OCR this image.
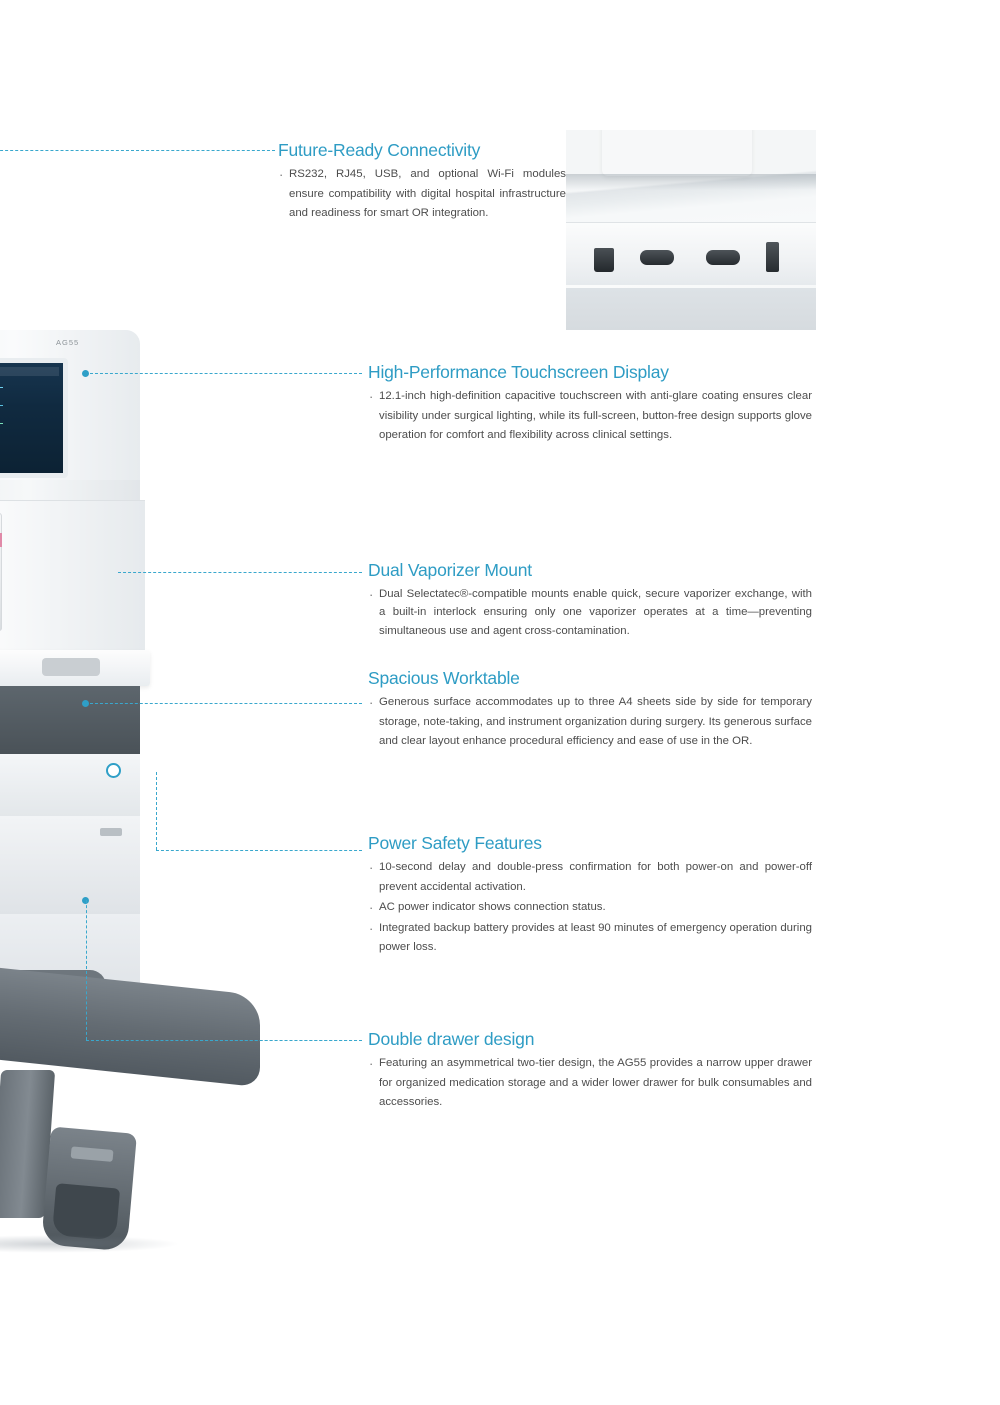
AG55
Future-Ready Connectivity
· RS232, RJ45, USB, and optional Wi-Fi modules ensure compatibility with digital hospital infrastructure and readiness for smart OR integration.
High-Performance Touchscreen Display
· 12.1-inch high-definition capacitive touchscreen with anti-glare coating ensures clear visibility under surgical lighting, while its full-screen, button-free design supports glove operation for comfort and flexibility across clinical settings.
Dual Vaporizer Mount
· Dual Selectatec®-compatible mounts enable quick, secure vaporizer exchange, with a built-in interlock ensuring only one vaporizer operates at a time—preventing simultaneous use and agent cross-contamination.
Spacious Worktable
· Generous surface accommodates up to three A4 sheets side by side for temporary storage, note-taking, and instrument organization during surgery. Its generous surface and clear layout enhance procedural efficiency and ease of use in the OR.
Power Safety Features
· 10-second delay and double-press confirmation for both power-on and power-off prevent accidental activation.
· AC power indicator shows connection status.
· Integrated backup battery provides at least 90 minutes of emergency operation during power loss.
Double drawer design
· Featuring an asymmetrical two-tier design, the AG55 provides a narrow upper drawer for organized medication storage and a wider lower drawer for bulk consumables and accessories.
